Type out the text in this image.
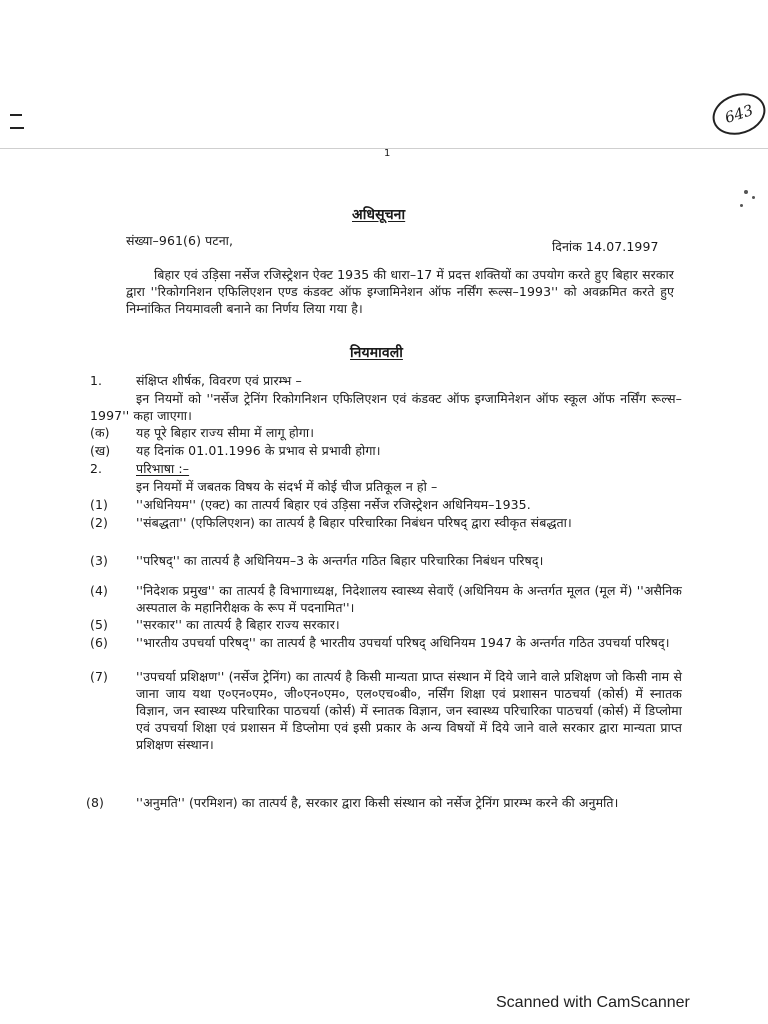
643
1
अधिसूचना
संख्या–961(6) पटना,	दिनांक 14.07.1997
बिहार एवं उड़िसा नर्सेज रजिस्ट्रेशन ऐक्ट 1935 की धारा–17 में प्रदत्त शक्तियों का उपयोग करते हुए बिहार सरकार द्वारा ''रिकोगनिशन एफिलिएशन एण्ड कंडक्ट ऑफ इग्जामिनेशन ऑफ नर्सिंग रूल्स–1993'' को अवक्रमित करते हुए निम्नांकित नियमावली बनाने का निर्णय लिया गया है।
नियमावली
1.	संक्षिप्त शीर्षक, विवरण एवं प्रारम्भ –
इन नियमों को ''नर्सेज ट्रेनिंग रिकोगनिशन एफिलिएशन एवं कंडक्ट ऑफ इग्जामिनेशन ऑफ स्कूल ऑफ नर्सिंग रूल्स–1997'' कहा जाएगा।
(क) यह पूरे बिहार राज्य सीमा में लागू होगा।
(ख) यह दिनांक 01.01.1996 के प्रभाव से प्रभावी होगा।
2.	परिभाषा :–
इन नियमों में जबतक विषय के संदर्भ में कोई चीज प्रतिकूल न हो –
(1) ''अधिनियम'' (एक्ट) का तात्पर्य बिहार एवं उड़िसा नर्सेज रजिस्ट्रेशन अधिनियम–1935.
(2) ''संबद्धता'' (एफिलिएशन) का तात्पर्य है बिहार परिचारिका निबंधन परिषद् द्वारा स्वीकृत संबद्धता।
(3) ''परिषद्'' का तात्पर्य है अधिनियम–3 के अन्तर्गत गठित बिहार परिचारिका निबंधन परिषद्।
(4) ''निदेशक प्रमुख'' का तात्पर्य है विभागाध्यक्ष, निदेशालय स्वास्थ्य सेवाएँ (अधिनियम के अन्तर्गत मूलत (मूल में) ''असैनिक अस्पताल के महानिरीक्षक के रूप में पदनामित''।
(5) ''सरकार'' का तात्पर्य है बिहार राज्य सरकार।
(6) ''भारतीय उपचर्या परिषद्'' का तात्पर्य है भारतीय उपचर्या परिषद् अधिनियम 1947 के अन्तर्गत गठित उपचर्या परिषद्।
(7) ''उपचर्या प्रशिक्षण'' (नर्सेज ट्रेनिंग) का तात्पर्य है किसी मान्यता प्राप्त संस्थान में दिये जाने वाले प्रशिक्षण जो किसी नाम से जाना जाय यथा ए०एन०एम०, जी०एन०एम०, एल०एच०बी०, नर्सिंग शिक्षा एवं प्रशासन पाठचर्या (कोर्स) में स्नातक विज्ञान, जन स्वास्थ्य परिचारिका पाठचर्या (कोर्स) में स्नातक विज्ञान, जन स्वास्थ्य परिचारिका पाठचर्या (कोर्स) में डिप्लोमा एवं उपचर्या शिक्षा एवं प्रशासन में डिप्लोमा एवं इसी प्रकार के अन्य विषयों में दिये जाने वाले सरकार द्वारा मान्यता प्राप्त प्रशिक्षण संस्थान।
(8)	''अनुमति'' (परमिशन) का तात्पर्य है, सरकार द्वारा किसी संस्थान को नर्सेज ट्रेनिंग प्रारम्भ करने की अनुमति।
Scanned with CamScanner
